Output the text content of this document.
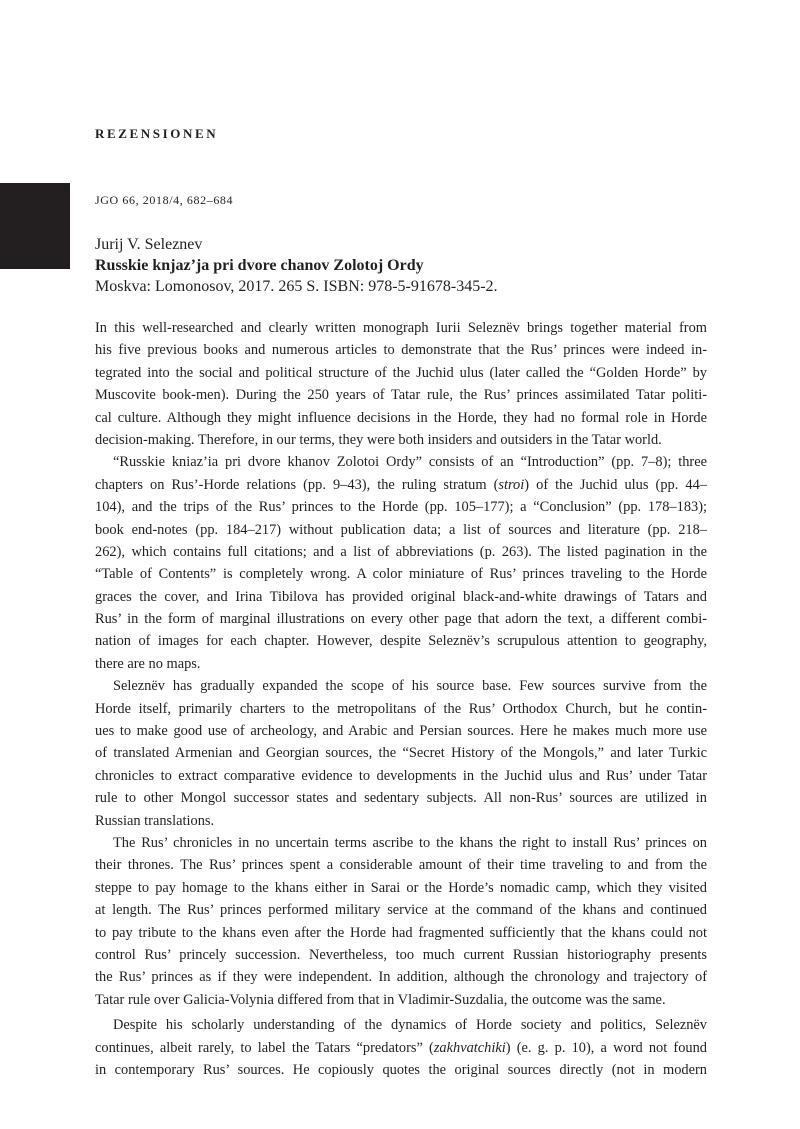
REZENSIONEN
JGO 66, 2018/4, 682–684
Jurij V. Seleznev
Russkie knjaz’ja pri dvore chanov Zolotoj Ordy
Moskva: Lomonosov, 2017. 265 S. ISBN: 978-5-91678-345-2.
In this well-researched and clearly written monograph Iurii Seleznëv brings together material from
his five previous books and numerous articles to demonstrate that the Rus’ princes were indeed in-
tegrated into the social and political structure of the Juchid ulus (later called the “Golden Horde” by
Muscovite book-men). During the 250 years of Tatar rule, the Rus’ princes assimilated Tatar politi-
cal culture. Although they might influence decisions in the Horde, they had no formal role in Horde
decision-making. Therefore, in our terms, they were both insiders and outsiders in the Tatar world.
“Russkie kniaz’ia pri dvore khanov Zolotoi Ordy” consists of an “Introduction” (pp. 7–8); three
chapters on Rus’-Horde relations (pp. 9–43), the ruling stratum (stroi) of the Juchid ulus (pp. 44–
104), and the trips of the Rus’ princes to the Horde (pp. 105–177); a “Conclusion” (pp. 178–183);
book end-notes (pp. 184–217) without publication data; a list of sources and literature (pp. 218–
262), which contains full citations; and a list of abbreviations (p. 263). The listed pagination in the
“Table of Contents” is completely wrong. A color miniature of Rus’ princes traveling to the Horde
graces the cover, and Irina Tibilova has provided original black-and-white drawings of Tatars and
Rus’ in the form of marginal illustrations on every other page that adorn the text, a different combi-
nation of images for each chapter. However, despite Seleznëv’s scrupulous attention to geography,
there are no maps.
Seleznëv has gradually expanded the scope of his source base. Few sources survive from the
Horde itself, primarily charters to the metropolitans of the Rus’ Orthodox Church, but he contin-
ues to make good use of archeology, and Arabic and Persian sources. Here he makes much more use
of translated Armenian and Georgian sources, the “Secret History of the Mongols,” and later Turkic
chronicles to extract comparative evidence to developments in the Juchid ulus and Rus’ under Tatar
rule to other Mongol successor states and sedentary subjects. All non-Rus’ sources are utilized in
Russian translations.
The Rus’ chronicles in no uncertain terms ascribe to the khans the right to install Rus’ princes on
their thrones. The Rus’ princes spent a considerable amount of their time traveling to and from the
steppe to pay homage to the khans either in Sarai or the Horde’s nomadic camp, which they visited
at length. The Rus’ princes performed military service at the command of the khans and continued
to pay tribute to the khans even after the Horde had fragmented sufficiently that the khans could not
control Rus’ princely succession. Nevertheless, too much current Russian historiography presents
the Rus’ princes as if they were independent. In addition, although the chronology and trajectory of
Tatar rule over Galicia-Volynia differed from that in Vladimir-Suzdalia, the outcome was the same.
Despite his scholarly understanding of the dynamics of Horde society and politics, Seleznëv
continues, albeit rarely, to label the Tatars “predators” (zakhvatchiki) (e. g. p. 10), a word not found
in contemporary Rus’ sources. He copiously quotes the original sources directly (not in modern
